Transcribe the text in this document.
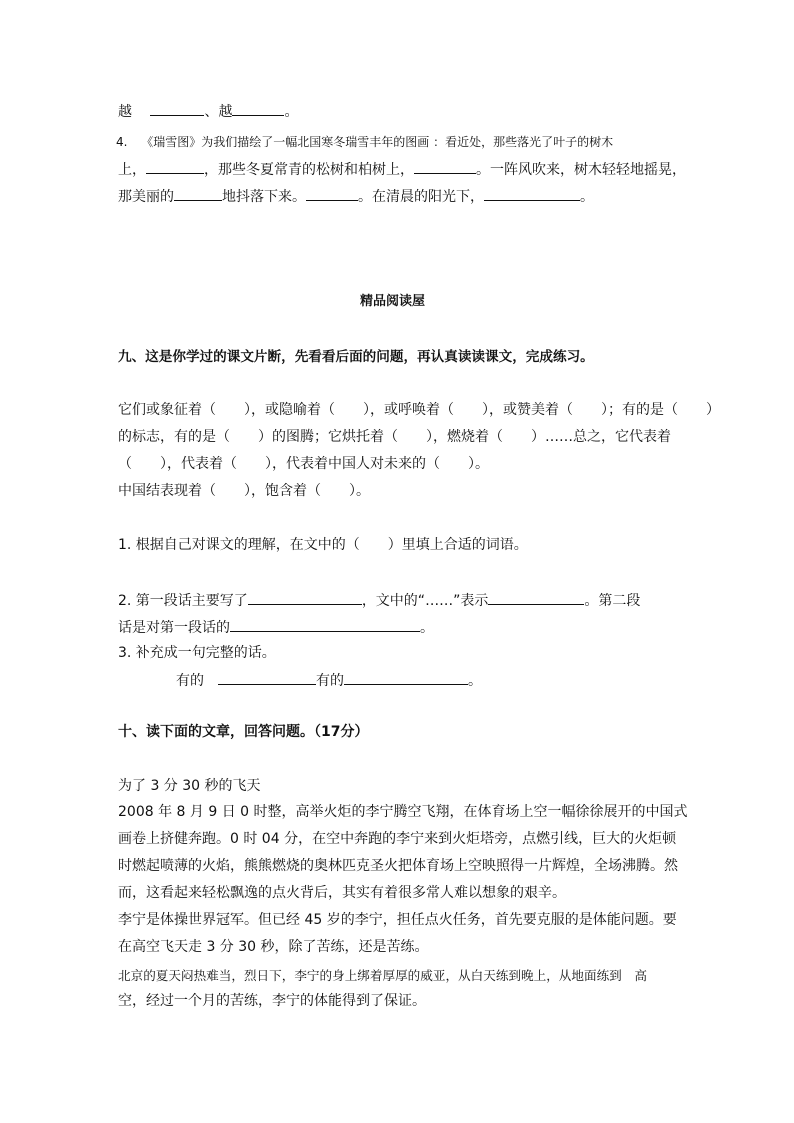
越	、越	。
4. 《瑞雪图》为我们描绘了一幅北国寒冬瑞雪丰年的图画 ：看近处，那些落光了叶子的树木
上，	，那些冬夏常青的松树和柏树上，	。一阵风吹来，树木轻轻地摇晃，
那美丽的	地抖落下来。	。在清晨的阳光下，	。
精品阅读屋
九、这是你学过的课文片断，先看看后面的问题，再认真读读课文，完成练习。
它们或象征着（　　），或隐喻着（　　），或呼唤着（　　），或赞美着（　　）；有的是（　　）
的标志，有的是（　　）的图腾；它烘托着（　　），燃烧着（　　）……总之，它代表着
（　　），代表着（　　），代表着中国人对未来的（　　）。
中国结表现着（　　），饱含着（　　）。
1. 根据自己对课文的理解，在文中的（　　）里填上合适的词语。
2. 第一段话主要写了	，文中的“……”表示	。第二段
话是对第一段话的	。
3. 补充成一句完整的话。
有的	有的	。
十、读下面的文章，回答问题。（17分）
为了 3 分 30 秒的飞天
2008 年 8 月 9 日 0 时整，高举火炬的李宁腾空飞翔，在体育场上空一幅徐徐展开的中国式
画卷上挤健奔跑。0 时 04 分，在空中奔跑的李宁来到火炬塔旁，点燃引线，巨大的火炬顿
时燃起喷薄的火焰，熊熊燃烧的奥林匹克圣火把体育场上空映照得一片辉煌，全场沸腾。然
而，这看起来轻松飘逸的点火背后，其实有着很多常人难以想象的艰辛。
李宁是体操世界冠军。但已经 45 岁的李宁，担任点火任务，首先要克服的是体能问题。要
在高空飞天走 3 分 30 秒，除了苦练，还是苦练。
北京的夏天闷热难当，烈日下，李宁的身上绑着厚厚的威亚，从白天练到晚上，从地面练到　高
空，经过一个月的苦练，李宁的体能得到了保证。
